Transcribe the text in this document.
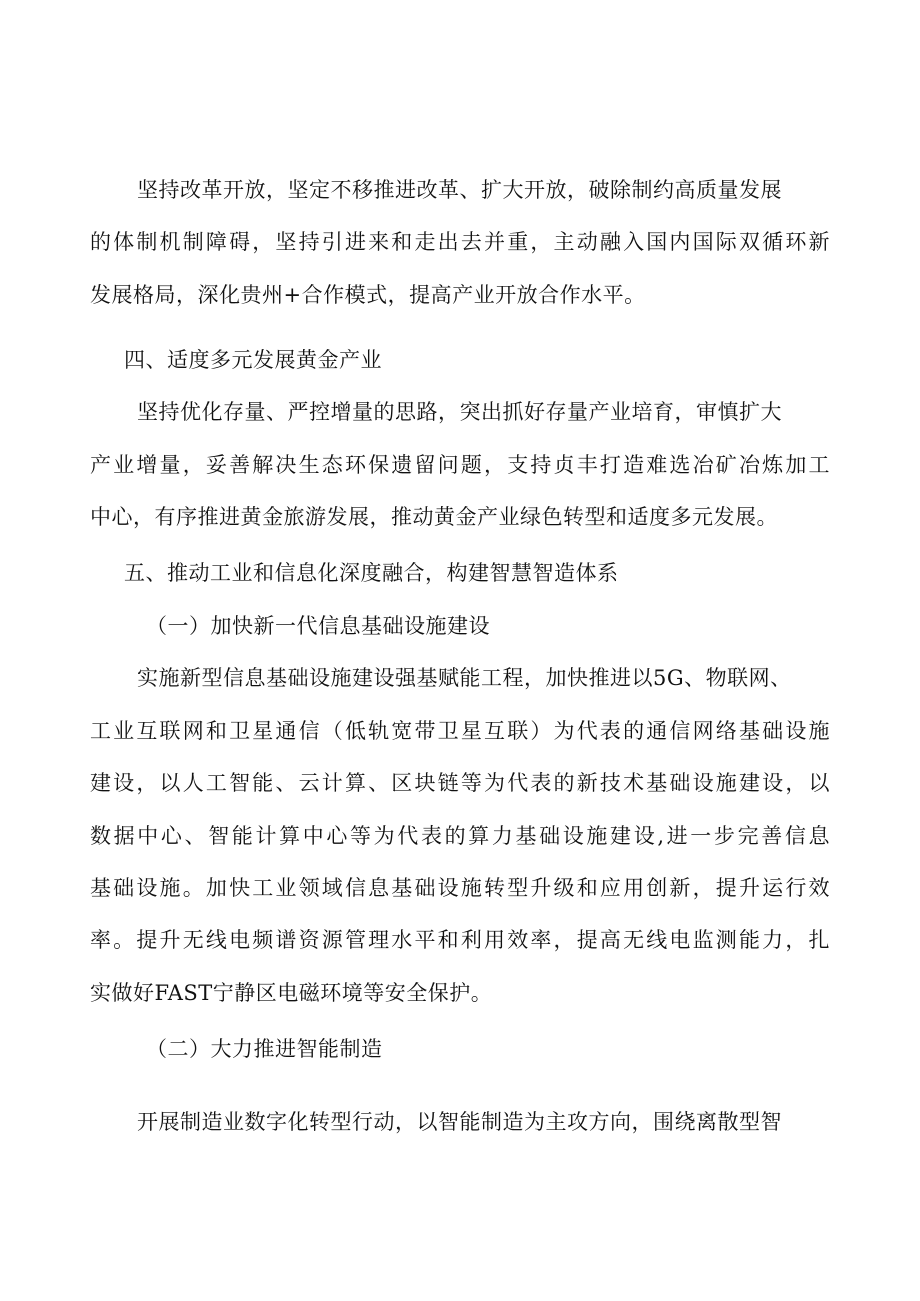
坚持改革开放，坚定不移推进改革、扩大开放，破除制约高质量发展

的体制机制障碍，坚持引进来和走出去并重，主动融入国内国际双循环新

发展格局，深化贵州+合作模式，提高产业开放合作水平。

四、适度多元发展黄金产业

坚持优化存量、严控增量的思路，突出抓好存量产业培育，审慎扩大

产业增量，妥善解决生态环保遗留问题，支持贞丰打造难选冶矿冶炼加工

中心，有序推进黄金旅游发展，推动黄金产业绿色转型和适度多元发展。

五、推动工业和信息化深度融合，构建智慧智造体系

（一）加快新一代信息基础设施建设

实施新型信息基础设施建设强基赋能工程，加快推进以5G、物联网、

工业互联网和卫星通信（低轨宽带卫星互联）为代表的通信网络基础设施

建设，以人工智能、云计算、区块链等为代表的新技术基础设施建设，以

数据中心、智能计算中心等为代表的算力基础设施建设,进一步完善信息

基础设施。加快工业领域信息基础设施转型升级和应用创新，提升运行效

率。提升无线电频谱资源管理水平和利用效率，提高无线电监测能力，扎

实做好FAST宁静区电磁环境等安全保护。

（二）大力推进智能制造

开展制造业数字化转型行动，以智能制造为主攻方向，围绕离散型智
